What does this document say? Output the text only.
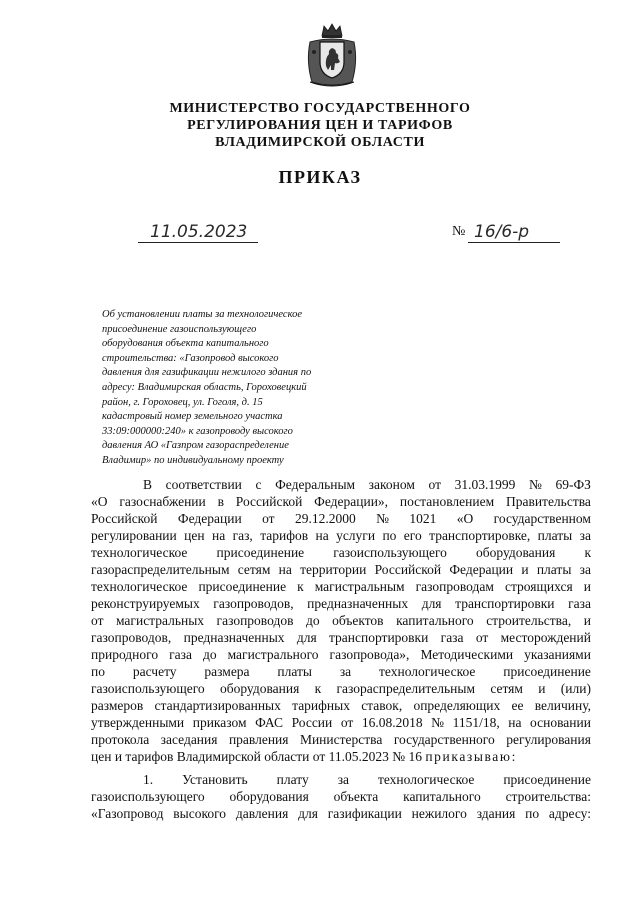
МИНИСТЕРСТВО ГОСУДАРСТВЕННОГО
РЕГУЛИРОВАНИЯ ЦЕН И ТАРИФОВ
ВЛАДИМИРСКОЙ ОБЛАСТИ
ПРИКАЗ
11.05.2023	№ 16/6-р
Об установлении платы за технологическое
присоединение газоиспользующего
оборудования объекта капитального
строительства: «Газопровод высокого
давления для газификации нежилого здания по
адресу: Владимирская область, Гороховецкий
район, г. Гороховец, ул. Гоголя, д. 15
кадастровый номер земельного участка
33:09:000000:240» к газопроводу высокого
давления АО «Газпром газораспределение
Владимир» по индивидуальному проекту
В соответствии с Федеральным законом от 31.03.1999 № 69-ФЗ
«О газоснабжении в Российской Федерации», постановлением Правительства
Российской Федерации от 29.12.2000 № 1021 «О государственном
регулировании цен на газ, тарифов на услуги по его транспортировке, платы за
технологическое присоединение газоиспользующего оборудования к
газораспределительным сетям на территории Российской Федерации и платы за
технологическое присоединение к магистральным газопроводам строящихся и
реконструируемых газопроводов, предназначенных для транспортировки газа
от магистральных газопроводов до объектов капитального строительства, и
газопроводов, предназначенных для транспортировки газа от месторождений
природного газа до магистрального газопровода», Методическими указаниями
по расчету размера платы за технологическое присоединение
газоиспользующего оборудования к газораспределительным сетям и (или)
размеров стандартизированных тарифных ставок, определяющих ее величину,
утвержденными приказом ФАС России от 16.08.2018 № 1151/18, на основании
протокола заседания правления Министерства государственного регулирования
цен и тарифов Владимирской области от 11.05.2023 № 16
приказываю :
1. Установить плату за технологическое присоединение
газоиспользующего оборудования объекта капитального строительства:
«Газопровод высокого давления для газификации нежилого здания по адресу:
